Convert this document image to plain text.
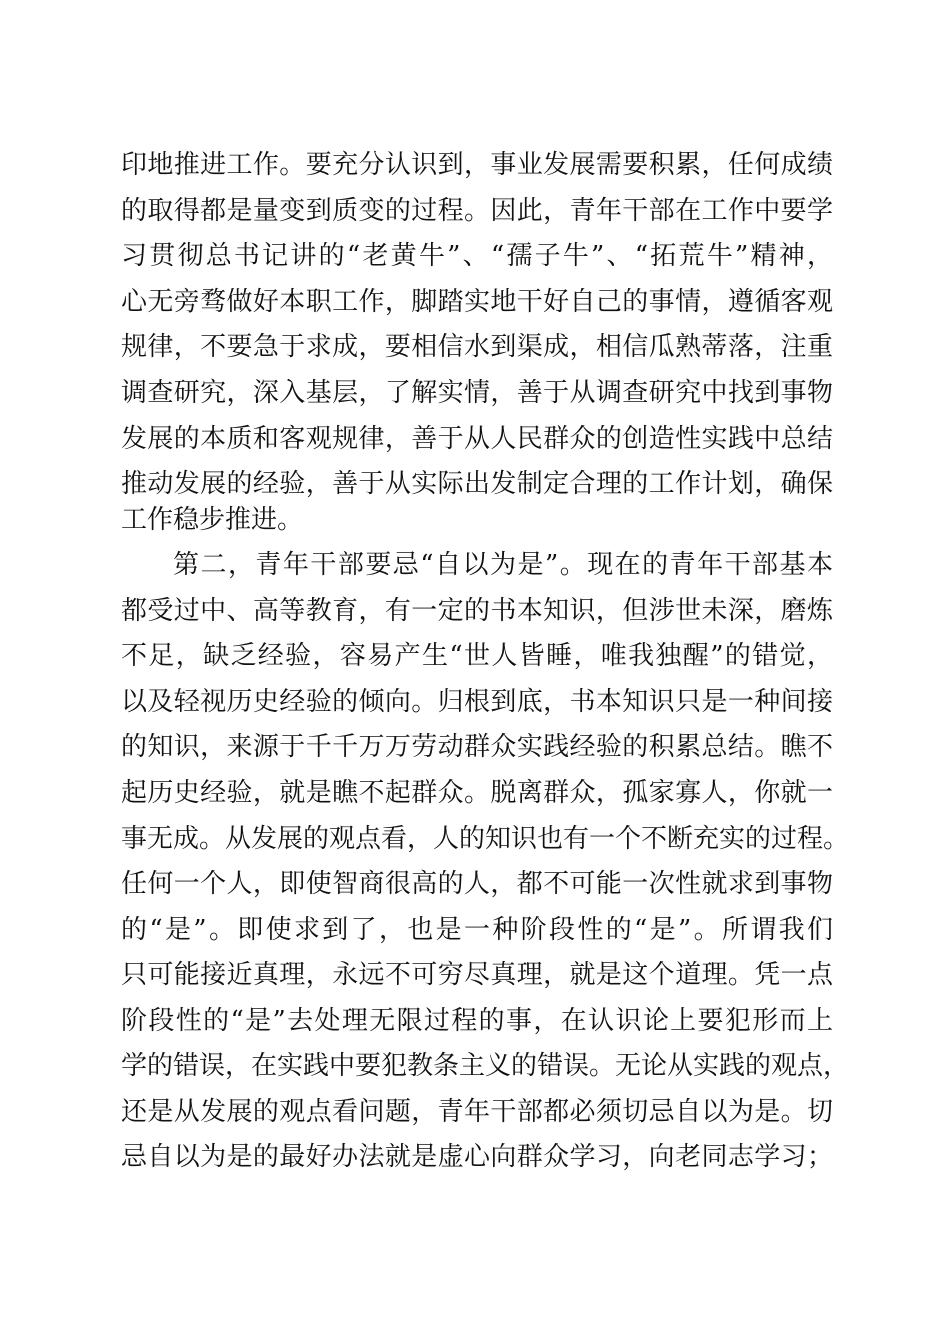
印地推进工作。要充分认识到，事业发展需要积累，任何成绩
的取得都是量变到质变的过程。因此，青年干部在工作中要学
习贯彻总书记讲的“老黄牛”、“孺子牛”、“拓荒牛”精神，
心无旁骛做好本职工作，脚踏实地干好自己的事情，遵循客观
规律，不要急于求成，要相信水到渠成，相信瓜熟蒂落，注重
调查研究，深入基层，了解实情，善于从调查研究中找到事物
发展的本质和客观规律，善于从人民群众的创造性实践中总结
推动发展的经验，善于从实际出发制定合理的工作计划，确保
工作稳步推进。
第二，青年干部要忌“自以为是”。现在的青年干部基本
都受过中、高等教育，有一定的书本知识，但涉世未深，磨炼
不足，缺乏经验，容易产生“世人皆睡，唯我独醒”的错觉，
以及轻视历史经验的倾向。归根到底，书本知识只是一种间接
的知识，来源于千千万万劳动群众实践经验的积累总结。瞧不
起历史经验，就是瞧不起群众。脱离群众，孤家寡人，你就一
事无成。从发展的观点看，人的知识也有一个不断充实的过程。
任何一个人，即使智商很高的人，都不可能一次性就求到事物
的“是”。即使求到了，也是一种阶段性的“是”。所谓我们
只可能接近真理，永远不可穷尽真理，就是这个道理。凭一点
阶段性的“是”去处理无限过程的事，在认识论上要犯形而上
学的错误，在实践中要犯教条主义的错误。无论从实践的观点，
还是从发展的观点看问题，青年干部都必须切忌自以为是。切
忌自以为是的最好办法就是虚心向群众学习，向老同志学习；
